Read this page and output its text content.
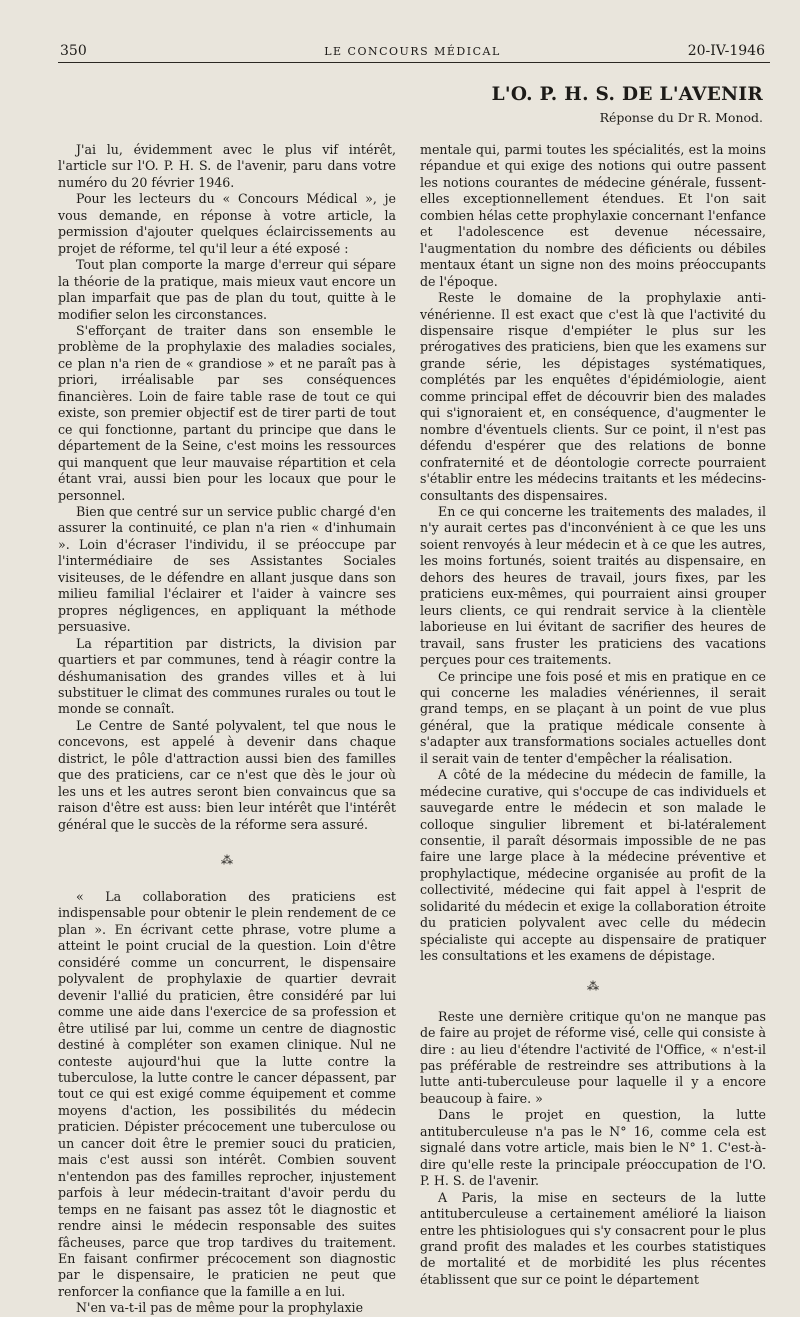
350	LE CONCOURS MÉDICAL	20-IV-1946
L'O. P. H. S. DE L'AVENIR
Réponse du Dr R. Monod.

J'ai lu, évidemment avec le plus vif intérêt, l'article sur l'O. P. H. S. de l'avenir, paru dans votre numéro du 20 février 1946.

Pour les lecteurs du « Concours Médical », je vous demande, en réponse à votre article, la permission d'ajouter quelques éclaircissements au projet de réforme, tel qu'il leur a été exposé :

Tout plan comporte la marge d'erreur qui sépare la théorie de la pratique, mais mieux vaut encore un plan imparfait que pas de plan du tout, quitte à le modifier selon les circonstances.

S'efforçant de traiter dans son ensemble le problème de la prophylaxie des maladies sociales, ce plan n'a rien de « grandiose » et ne paraît pas à priori, irréalisable par ses conséquences financières. Loin de faire table rase de tout ce qui existe, son premier objectif est de tirer parti de tout ce qui fonctionne, partant du principe que dans le département de la Seine, c'est moins les ressources qui manquent que leur mauvaise répartition et cela étant vrai, aussi bien pour les locaux que pour le personnel.

Bien que centré sur un service public chargé d'en assurer la continuité, ce plan n'a rien « d'inhumain ». Loin d'écraser l'individu, il se préoccupe par l'intermédiaire de ses Assistantes Sociales visiteuses, de le défendre en allant jusque dans son milieu familial l'éclairer et l'aider à vaincre ses propres négligences, en appliquant la méthode persuasive.

La répartition par districts, la division par quartiers et par communes, tend à réagir contre la déshumanisation des grandes villes et à lui substituer le climat des communes rurales ou tout le monde se connaît.

Le Centre de Santé polyvalent, tel que nous le concevons, est appelé à devenir dans chaque district, le pôle d'attraction aussi bien des familles que des praticiens, car ce n'est que dès le jour où les uns et les autres seront bien convaincus que sa raison d'être est auss: bien leur intérêt que l'intérêt général que le succès de la réforme sera assuré.

⁂

« La collaboration des praticiens est indispensable pour obtenir le plein rendement de ce plan ». En écrivant cette phrase, votre plume a atteint le point crucial de la question. Loin d'être considéré comme un concurrent, le dispensaire polyvalent de prophylaxie de quartier devrait devenir l'allié du praticien, être considéré par lui comme une aide dans l'exercice de sa profession et être utilisé par lui, comme un centre de diagnostic destiné à compléter son examen clinique. Nul ne conteste aujourd'hui que la lutte contre la tuberculose, la lutte contre le cancer dépassent, par tout ce qui est exigé comme équipement et comme moyens d'action, les possibilités du médecin praticien. Dépister précocement une tuberculose ou un cancer doit être le premier souci du praticien, mais c'est aussi son intérêt. Combien souvent n'entendon pas des familles reprocher, injustement parfois à leur médecin-traitant d'avoir perdu du temps en ne faisant pas assez tôt le diagnostic et rendre ainsi le médecin responsable des suites fâcheuses, parce que trop tardives du traitement. En faisant confirmer précocement son diagnostic par le dispensaire, le praticien ne peut que renforcer la confiance que la famille a en lui.

N'en va-t-il pas de même pour la prophylaxie

mentale qui, parmi toutes les spécialités, est la moins répandue et qui exige des notions qui outre passent les notions courantes de médecine générale, fussent-elles exceptionnellement étendues. Et l'on sait combien hélas cette prophylaxie concernant l'enfance et l'adolescence est devenue nécessaire, l'augmentation du nombre des déficients ou débiles mentaux étant un signe non des moins préoccupants de l'époque.

Reste le domaine de la prophylaxie anti-vénérienne. Il est exact que c'est là que l'activité du dispensaire risque d'empiéter le plus sur les prérogatives des praticiens, bien que les examens sur grande série, les dépistages systématiques, complétés par les enquêtes d'épidémiologie, aient comme principal effet de découvrir bien des malades qui s'ignoraient et, en conséquence, d'augmenter le nombre d'éventuels clients. Sur ce point, il n'est pas défendu d'espérer que des relations de bonne confraternité et de déontologie correcte pourraient s'établir entre les médecins traitants et les médecins-consultants des dispensaires.

En ce qui concerne les traitements des malades, il n'y aurait certes pas d'inconvénient à ce que les uns soient renvoyés à leur médecin et à ce que les autres, les moins fortunés, soient traités au dispensaire, en dehors des heures de travail, jours fixes, par les praticiens eux-mêmes, qui pourraient ainsi grouper leurs clients, ce qui rendrait service à la clientèle laborieuse en lui évitant de sacrifier des heures de travail, sans fruster les praticiens des vacations perçues pour ces traitements.

Ce principe une fois posé et mis en pratique en ce qui concerne les maladies vénériennes, il serait grand temps, en se plaçant à un point de vue plus général, que la pratique médicale consente à s'adapter aux transformations sociales actuelles dont il serait vain de tenter d'empêcher la réalisation.

A côté de la médecine du médecin de famille, la médecine curative, qui s'occupe de cas individuels et sauvegarde entre le médecin et son malade le colloque singulier librement et bi-latéralement consentie, il paraît désormais impossible de ne pas faire une large place à la médecine préventive et prophylactique, médecine organisée au profit de la collectivité, médecine qui fait appel à l'esprit de solidarité du médecin et exige la collaboration étroite du praticien polyvalent avec celle du médecin spécialiste qui accepte au dispensaire de pratiquer les consultations et les examens de dépistage.

⁂

Reste une dernière critique qu'on ne manque pas de faire au projet de réforme visé, celle qui consiste à dire : au lieu d'étendre l'activité de l'Office, « n'est-il pas préférable de restreindre ses attributions à la lutte anti-tuberculeuse pour laquelle il y a encore beaucoup à faire. »

Dans le projet en question, la lutte antituberculeuse n'a pas le N° 16, comme cela est signalé dans votre article, mais bien le N° 1. C'est-à-dire qu'elle reste la principale préoccupation de l'O. P. H. S. de l'avenir.

A Paris, la mise en secteurs de la lutte antituberculeuse a certainement amélioré la liaison entre les phtisiologues qui s'y consacrent pour le plus grand profit des malades et les courbes statistiques de mortalité et de morbidité les plus récentes établissent que sur ce point le département
